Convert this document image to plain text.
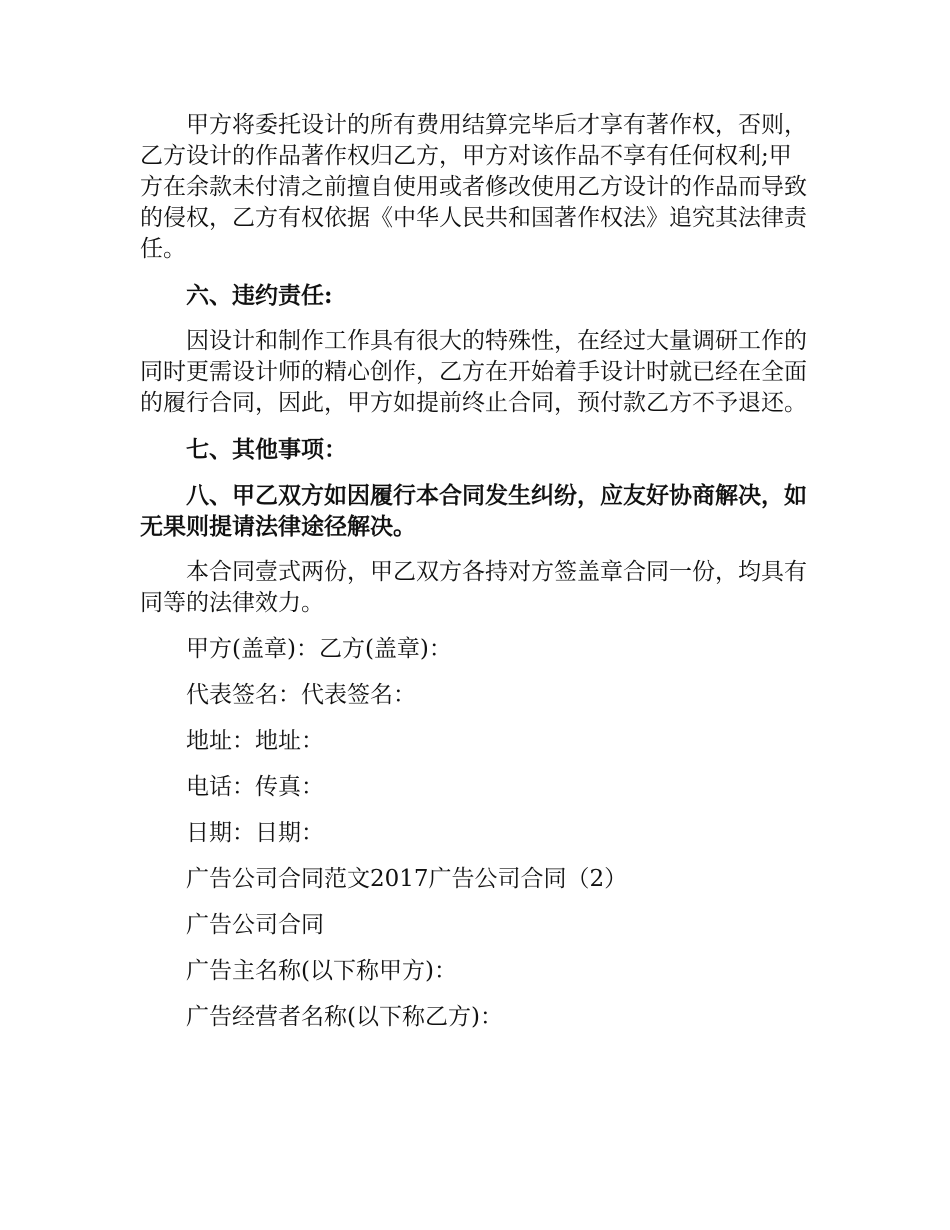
甲方将委托设计的所有费用结算完毕后才享有著作权，否则，乙方设计的作品著作权归乙方，甲方对该作品不享有任何权利;甲方在余款未付清之前擅自使用或者修改使用乙方设计的作品而导致的侵权，乙方有权依据《中华人民共和国著作权法》追究其法律责任。

六、违约责任:

因设计和制作工作具有很大的特殊性，在经过大量调研工作的同时更需设计师的精心创作，乙方在开始着手设计时就已经在全面的履行合同，因此，甲方如提前终止合同，预付款乙方不予退还。

七、其他事项：

八、甲乙双方如因履行本合同发生纠纷，应友好协商解决，如无果则提请法律途径解决。

本合同壹式两份，甲乙双方各持对方签盖章合同一份，均具有同等的法律效力。

甲方(盖章)：乙方(盖章)：

代表签名：代表签名：

地址：地址：

电话：传真：

日期：日期：

广告公司合同范文2017广告公司合同（2）

广告公司合同

广告主名称(以下称甲方)：

广告经营者名称(以下称乙方)：
